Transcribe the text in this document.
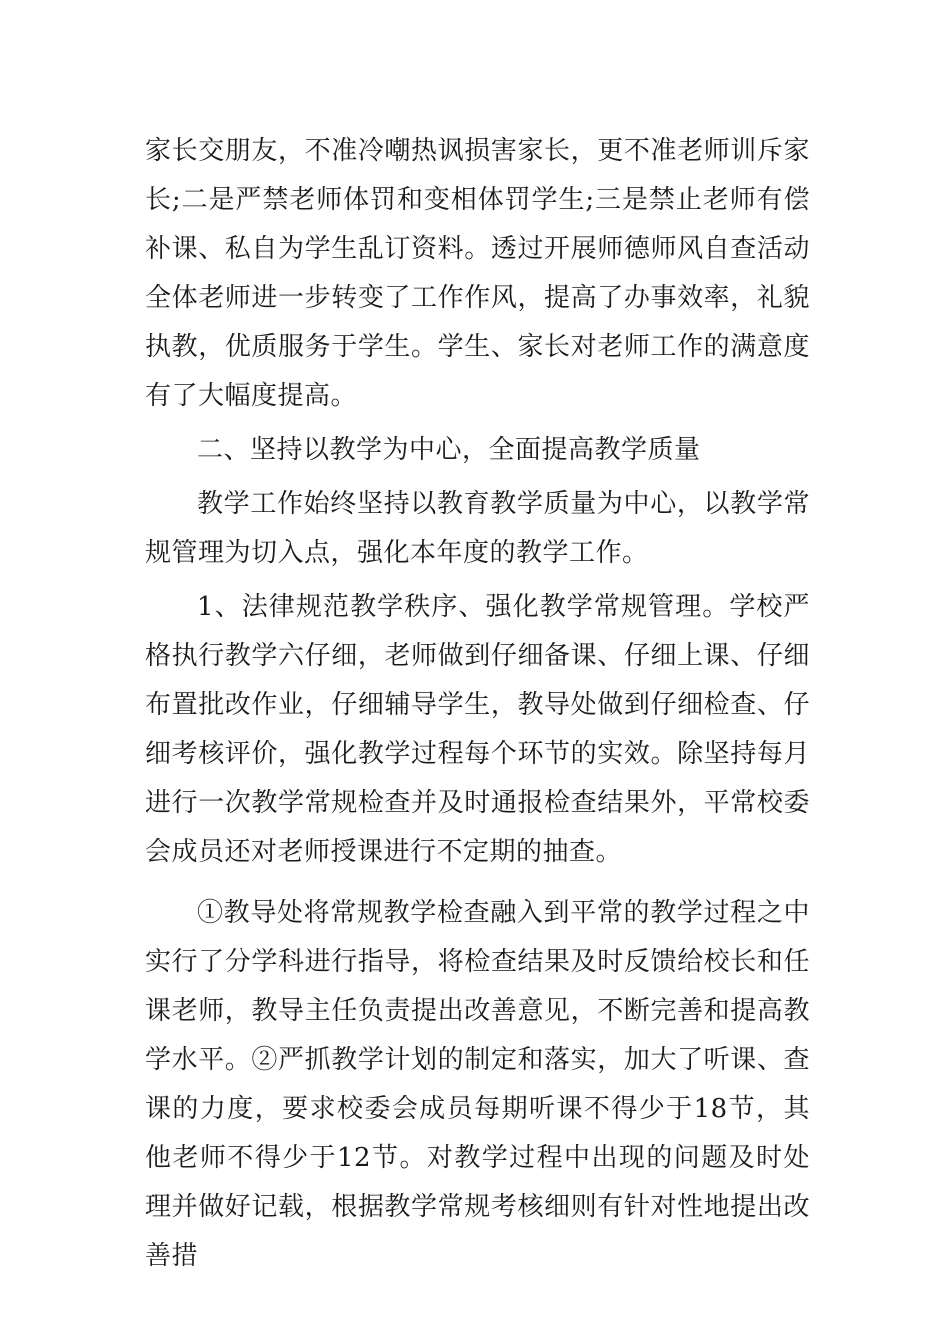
家长交朋友，不准冷嘲热讽损害家长，更不准老师训斥家长;二是严禁老师体罚和变相体罚学生;三是禁止老师有偿补课、私自为学生乱订资料。透过开展师德师风自查活动全体老师进一步转变了工作作风，提高了办事效率，礼貌执教，优质服务于学生。学生、家长对老师工作的满意度有了大幅度提高。

二、坚持以教学为中心，全面提高教学质量

教学工作始终坚持以教育教学质量为中心，以教学常规管理为切入点，强化本年度的教学工作。

1、法律规范教学秩序、强化教学常规管理。学校严格执行教学六仔细，老师做到仔细备课、仔细上课、仔细布置批改作业，仔细辅导学生，教导处做到仔细检查、仔细考核评价，强化教学过程每个环节的实效。除坚持每月进行一次教学常规检查并及时通报检查结果外，平常校委会成员还对老师授课进行不定期的抽查。

①教导处将常规教学检查融入到平常的教学过程之中实行了分学科进行指导，将检查结果及时反馈给校长和任课老师，教导主任负责提出改善意见，不断完善和提高教学水平。②严抓教学计划的制定和落实，加大了听课、查课的力度，要求校委会成员每期听课不得少于18节，其他老师不得少于12节。对教学过程中出现的问题及时处理并做好记载，根据教学常规考核细则有针对性地提出改善措
